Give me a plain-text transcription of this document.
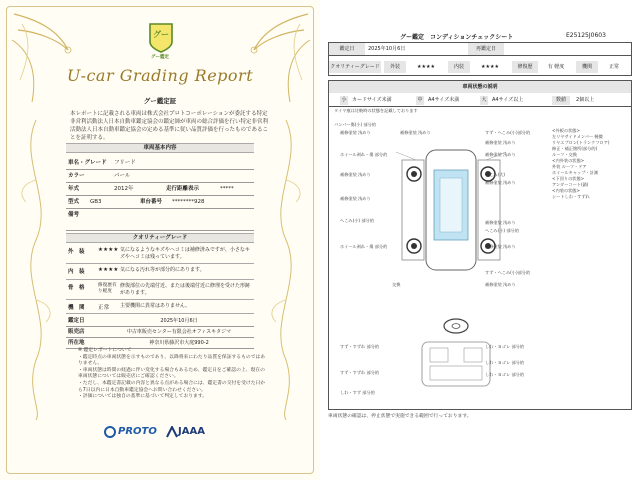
グー
グー鑑定
U-car Grading Report
グー鑑定証
本レポートに記載される車両は株式会社プロトコーポレーションが委託する特定非営利活動法人日本自動車鑑定協会の鑑定師が車両の総合評価を行い特定非営利活動法人日本自動車鑑定協会の定める基準に従い品質評価を行ったものであることを証明する。
車両基本内容
車名・グレード フリード
カラー	パール
年式	2012年	走行距離表示	*****
型式 GB3	車台番号 ********928
備考
クオリティーグレード
外　装 ★★★★ 気になるようなキズやヘコミは補修済みですが、小さなキズやヘコミは残っています。
内　装 ★★★★ 気になる汚れ等が部分的にあります。
骨　格	修復歴有り軽度
修復部位の先端付近、または後端付近に修理を受けた形跡があります。
機　関 正常 主要機関に異常はありません。
鑑定日	2025年10月6日
販売店	中古車販売センター有限会社オフィスキタジマ
所在地	神奈川県藤沢市大庭990-2
※ 鑑定レポートについて
・鑑定時点の車両状態を示すものであり、以降将来にわたり品質を保証するものではありません。
・車両状態は時間の経過に伴い変化する場合もあるため、鑑定日をご確認の上、現在の車両状態については販売店にご確認ください。
・ただし、本鑑定書記載の内容と異なる点がある場合には、鑑定書の交付を受けた日から7日以内に日本自動車鑑定協会へお問い合わせください。
・評価については独自の基準に基づいて判定しております。
PROTO JAAA
グー鑑定　コンディションチェックシート	E25125J0603
鑑定日	2025年10月6日	再鑑定日
クオリティーグレード	外装	★★★★	内装	★★★★	修復歴	有 軽度	機関	正常
車両状態の説明
小	カードサイズ未満	中	A4サイズ未満	大	A4サイズ以上	数値	2個以上
タイヤ痕は比較時の状態を記載しております
バンパー傷(小) 部分的
補修塗装 浅めり	補修塗装 浅めり	すず・へこみ(小)部分的
補修塗装 浅めり
ホイール剥れ・傷 部分的	補修塗装 浅めり
補修塗装 浅めり	へこみ(大)
補修塗装 浅めり
補修塗装 浅めり
へこみ(小) 部分的	補修塗装 浅めり
へこみ(小) 部分的
ホイール剥れ・傷 部分的
交換
補修塗装 浅めり
すず・へこみ(小)部分的
補修塗装 浅めり
しわ・ヨゴレ 部分的
しわ・ヨゴレ 部分的
しわ・ヨゴレ 部分的
すず・すずれ 部分的
すず・すずれ 部分的
しわ・すず 部分的
<外板の状態>
左リヤサイドメンバー 軽微
リヤエプロン(トランクフロア)
修正・補正箇所(部分的)
ルーフ・交換
<内外装の状態>
外装 ルーフ・ドア
ホイールキャップ・計測
<下回りの状態>
アンダーコート(錆)
<内装の状態>
シートしわ・すずれ
車両状態の確認は、停止状態で実施できる範囲で行っております。
